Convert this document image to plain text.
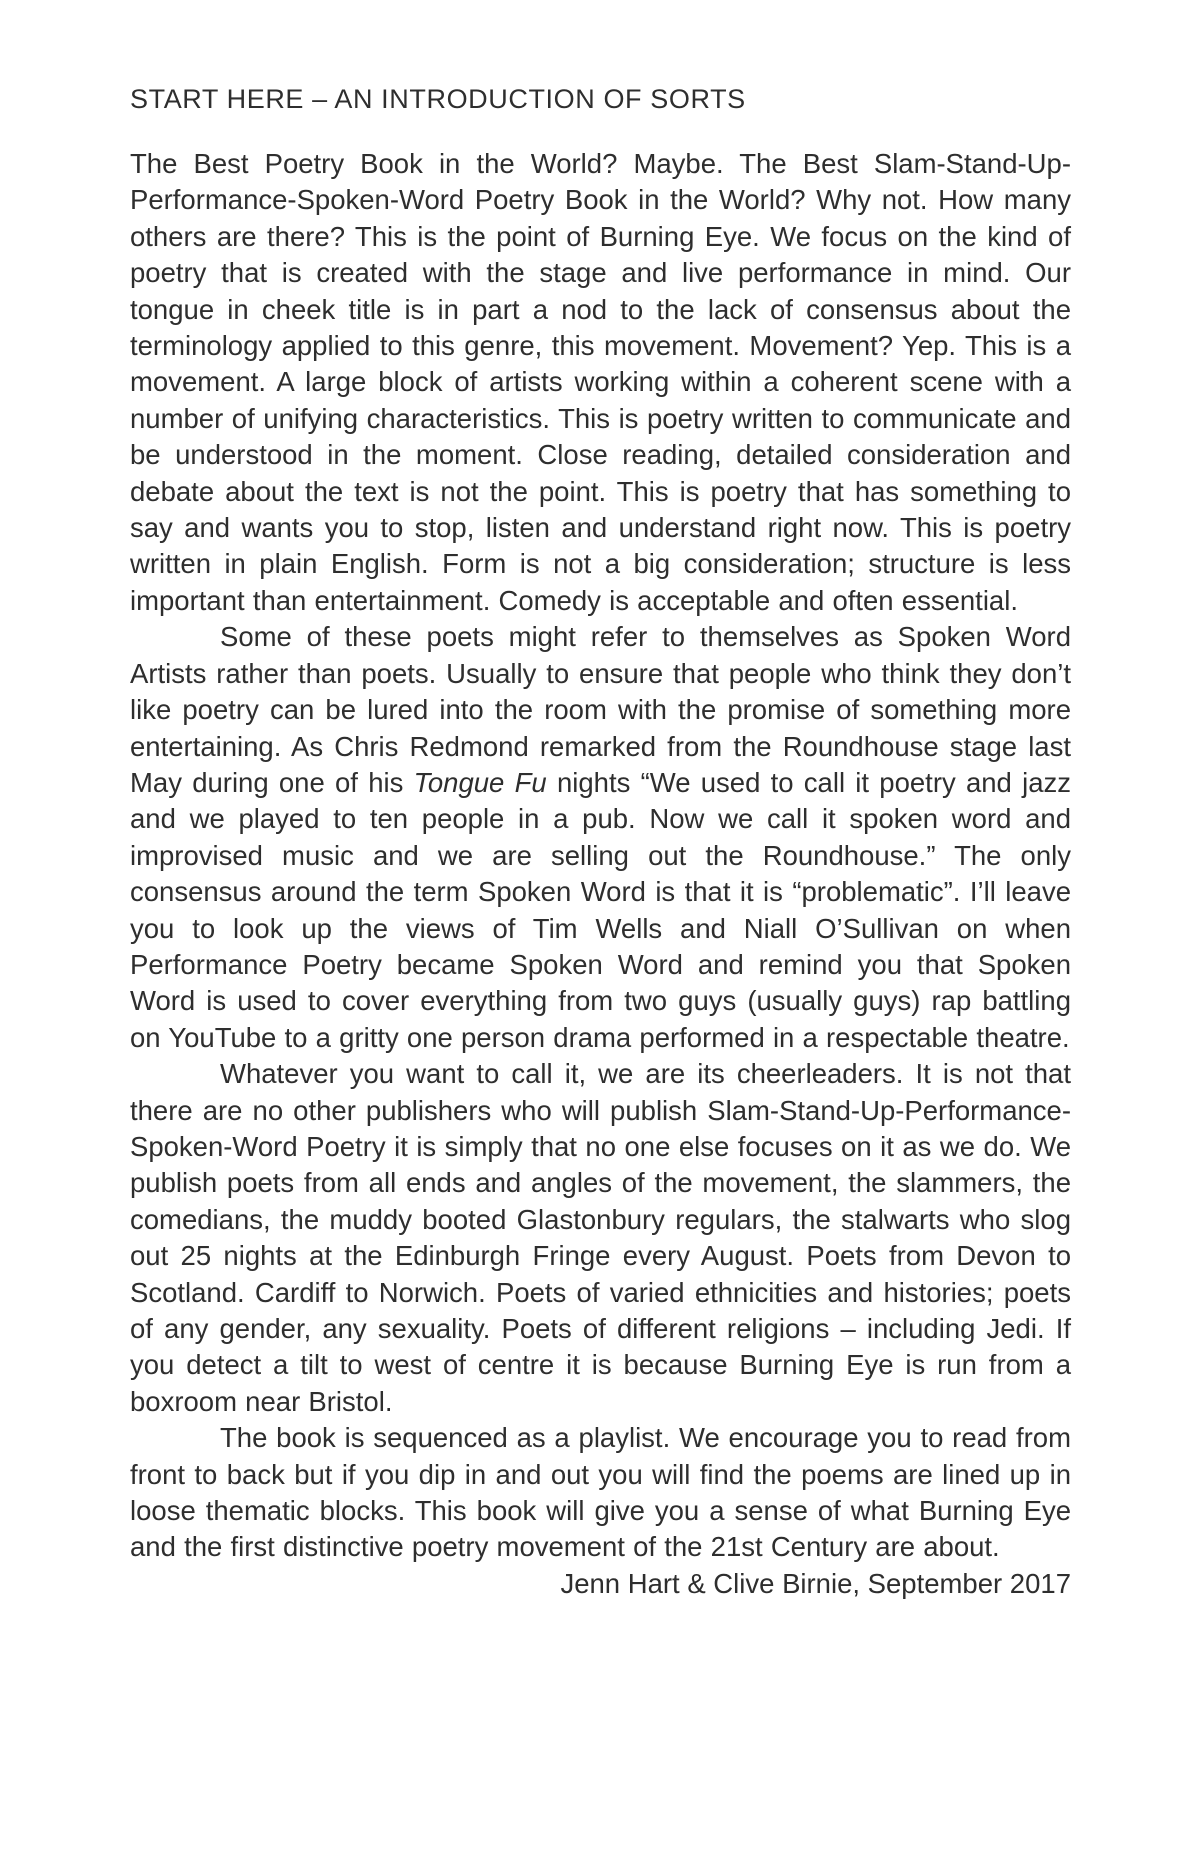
START HERE – AN INTRODUCTION OF SORTS

The Best Poetry Book in the World? Maybe. The Best Slam-Stand-Up-Performance-Spoken-Word Poetry Book in the World? Why not. How many others are there? This is the point of Burning Eye. We focus on the kind of poetry that is created with the stage and live performance in mind. Our tongue in cheek title is in part a nod to the lack of consensus about the terminology applied to this genre, this movement. Movement? Yep. This is a movement. A large block of artists working within a coherent scene with a number of unifying characteristics. This is poetry written to communicate and be understood in the moment. Close reading, detailed consideration and debate about the text is not the point. This is poetry that has something to say and wants you to stop, listen and understand right now. This is poetry written in plain English. Form is not a big consideration; structure is less important than entertainment. Comedy is acceptable and often essential.

Some of these poets might refer to themselves as Spoken Word Artists rather than poets. Usually to ensure that people who think they don’t like poetry can be lured into the room with the promise of something more entertaining. As Chris Redmond remarked from the Roundhouse stage last May during one of his Tongue Fu nights “We used to call it poetry and jazz and we played to ten people in a pub. Now we call it spoken word and improvised music and we are selling out the Roundhouse.” The only consensus around the term Spoken Word is that it is “problematic”. I’ll leave you to look up the views of Tim Wells and Niall O’Sullivan on when Performance Poetry became Spoken Word and remind you that Spoken Word is used to cover everything from two guys (usually guys) rap battling on YouTube to a gritty one person drama performed in a respectable theatre.

Whatever you want to call it, we are its cheerleaders. It is not that there are no other publishers who will publish Slam-Stand-Up-Performance-Spoken-Word Poetry it is simply that no one else focuses on it as we do. We publish poets from all ends and angles of the movement, the slammers, the comedians, the muddy booted Glastonbury regulars, the stalwarts who slog out 25 nights at the Edinburgh Fringe every August. Poets from Devon to Scotland. Cardiff to Norwich. Poets of varied ethnicities and histories; poets of any gender, any sexuality. Poets of different religions – including Jedi. If you detect a tilt to west of centre it is because Burning Eye is run from a boxroom near Bristol.

The book is sequenced as a playlist. We encourage you to read from front to back but if you dip in and out you will find the poems are lined up in loose thematic blocks. This book will give you a sense of what Burning Eye and the first distinctive poetry movement of the 21st Century are about.

Jenn Hart & Clive Birnie, September 2017
